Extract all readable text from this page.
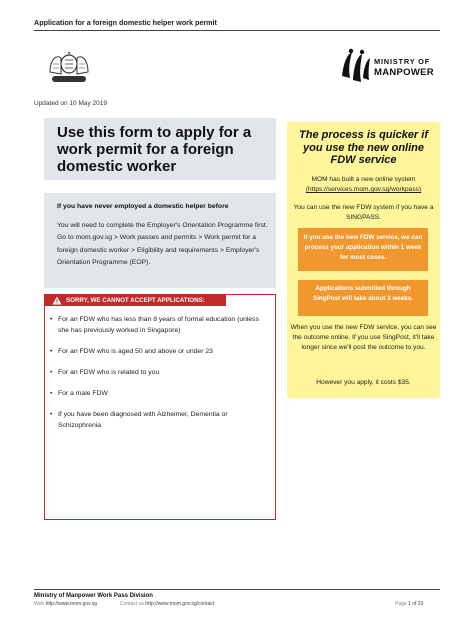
Application for a foreign domestic helper work permit
MINISTRY OF
MANPOWER
Updated on 10 May 2019
Use this form to apply for a work permit for a foreign domestic worker
If you have never employed a domestic helper before
You will need to complete the Employer's Orientation Programme first. Go to mom.gov.sg > Work passes and permits > Work permit for a foreign domestic worker > Eligibility and requirements > Employer's Orientation Programme (EOP).
SORRY, WE CANNOT ACCEPT APPLICATIONS:
• For an FDW who has less than 8 years of formal education (unless she has previously worked in Singapore)
• For an FDW who is aged 50 and above or under 23
• For an FDW who is related to you
• For a male FDW
• If you have been diagnosed with Alzheimer, Dementia or Schizophrenia
The process is quicker if you use the new online FDW service
MOM has built a new online system
(https://services.mom.gov.sg/workpass)
You can use the new FDW system if you have a SINGPASS.
If you use the new FDW service, we can process your application within 1 week for most cases.
Applications submitted through SingPost will take about 3 weeks.
When you use the new FDW service, you can see the outcome online. If you use SingPost, it'll take longer since we'll post the outcome to you.
However you apply, it costs $35.
Ministry of Manpower Work Pass Division
Web http://www.mom.gov.sg	Contact us http://www.mom.gov.sg/contact	Page 1 of 20
